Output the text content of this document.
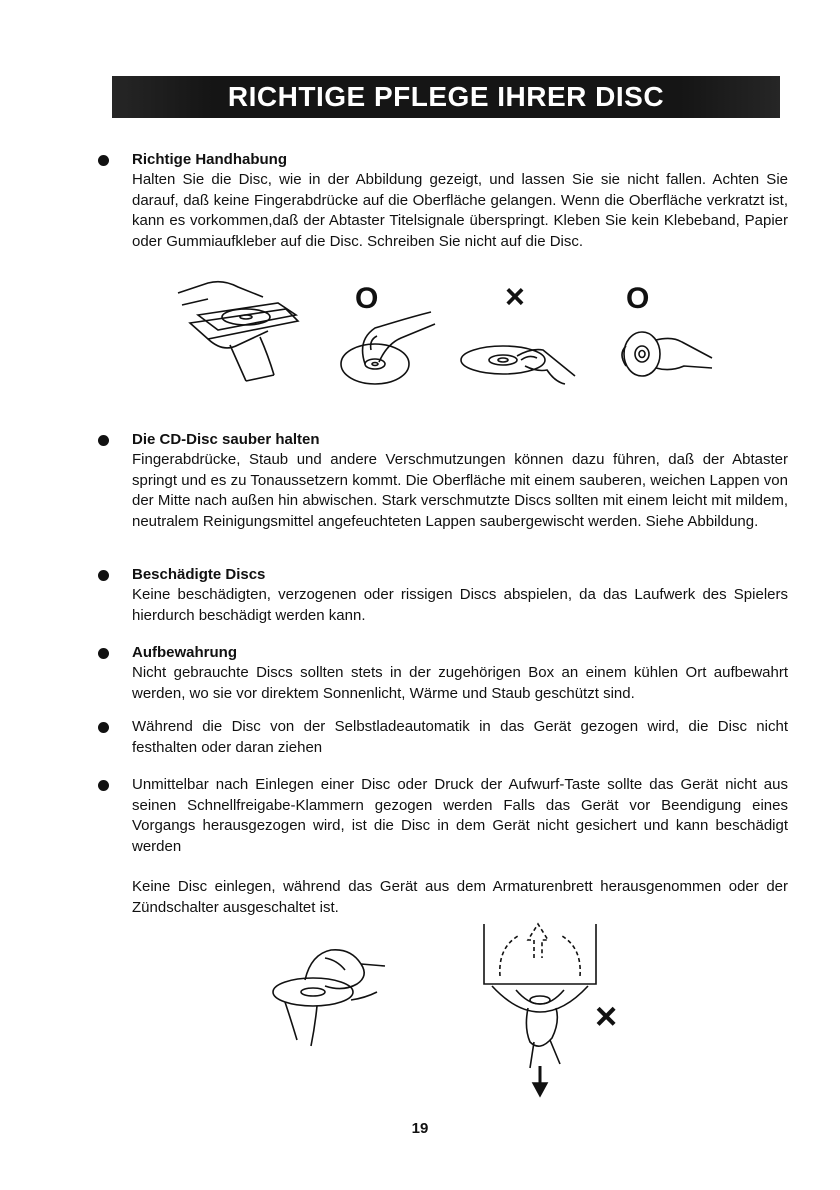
RICHTIGE PFLEGE IHRER DISC

Richtige Handhabung

Halten Sie die Disc, wie in der Abbildung gezeigt, und lassen Sie sie nicht fallen. Achten Sie darauf, daß keine Fingerabdrücke auf die Oberfläche gelangen. Wenn die Oberfläche verkratzt ist, kann es vorkommen,daß der Abtaster Titelsignale überspringt. Kleben Sie kein Klebeband, Papier oder Gummiaufkleber auf die Disc. Schreiben Sie nicht auf die Disc.

O	×	O

Die CD-Disc sauber halten

Fingerabdrücke, Staub und andere Verschmutzungen können dazu führen, daß der Abtaster springt und es zu Tonaussetzern kommt. Die Oberfläche mit einem sauberen, weichen Lappen von der Mitte nach außen hin abwischen. Stark verschmutzte Discs sollten mit einem leicht mit mildem, neutralem Reinigungsmittel angefeuchteten Lappen saubergewischt werden. Siehe Abbildung.

Beschädigte Discs

Keine beschädigten, verzogenen oder rissigen Discs abspielen, da das Laufwerk des Spielers hierdurch beschädigt werden kann.

Aufbewahrung

Nicht gebrauchte Discs sollten stets in der zugehörigen Box an einem kühlen Ort aufbewahrt werden, wo sie vor direktem Sonnenlicht, Wärme und Staub geschützt sind.

Während die Disc von der Selbstladeautomatik in das Gerät gezogen wird, die Disc nicht festhalten oder daran ziehen

Unmittelbar nach Einlegen einer Disc oder Druck der Aufwurf-Taste sollte das Gerät nicht aus seinen Schnellfreigabe-Klammern gezogen werden Falls das Gerät vor Beendigung eines Vorgangs herausgezogen wird, ist die Disc in dem Gerät nicht gesichert und kann beschädigt werden

Keine Disc einlegen, während das Gerät aus dem Armaturenbrett herausgenommen oder der Zündschalter ausgeschaltet ist.

×
19
